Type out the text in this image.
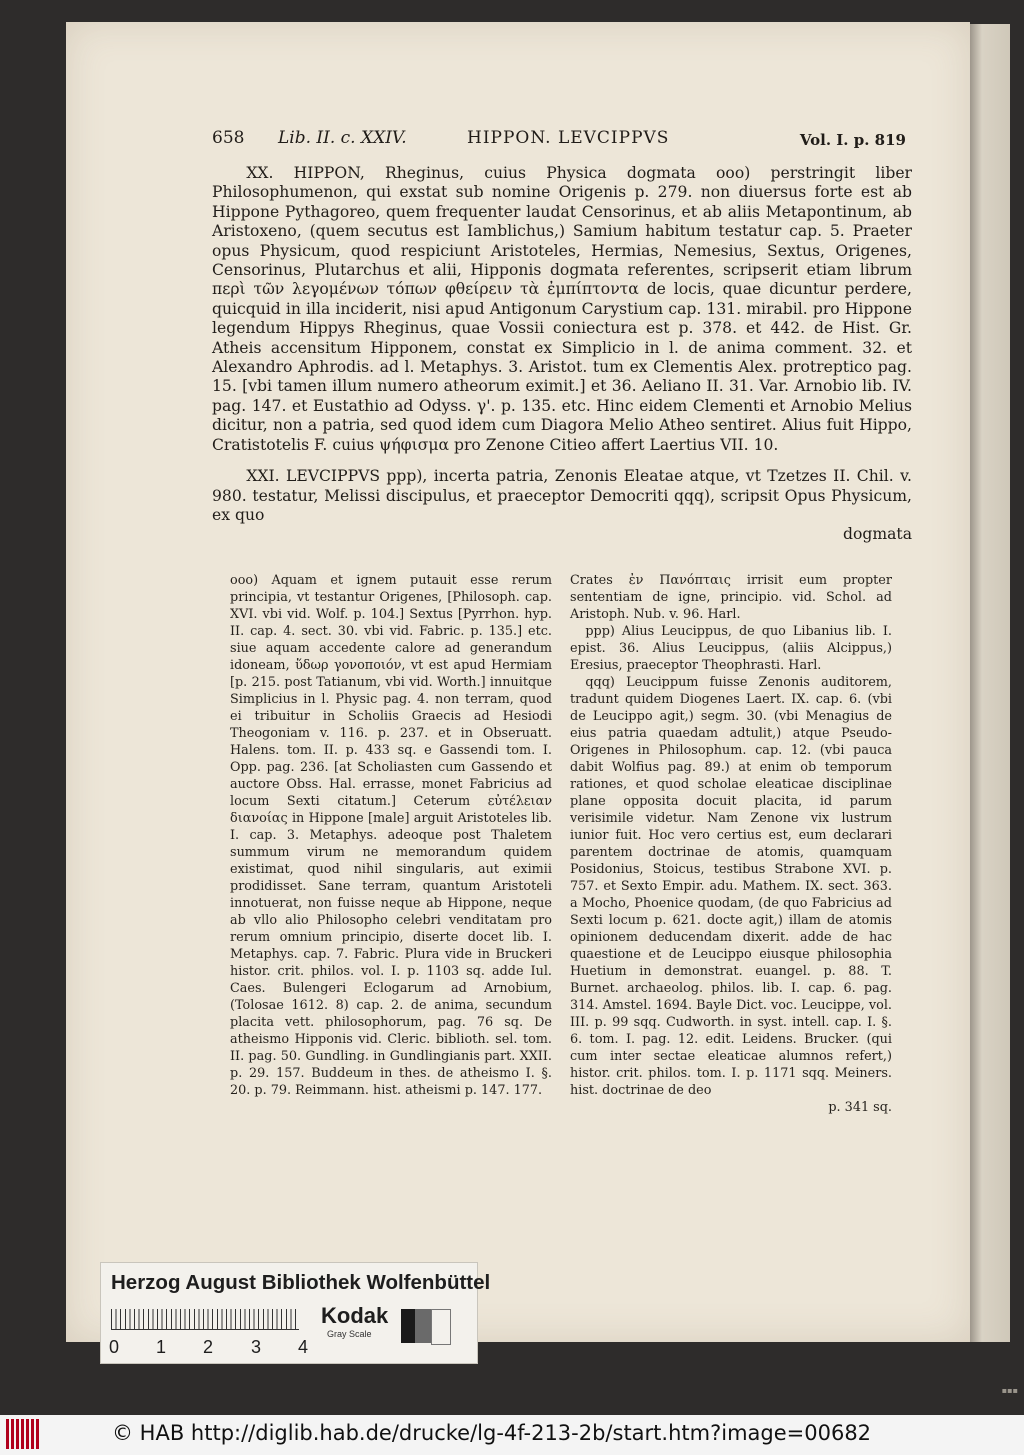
658 Lib. II. c. XXIV.	HIPPON. LEVCIPPVS	Vol. I. p. 819

XX. HIPPON, Rheginus, cuius Physica dogmata ooo) perstringit liber Philosophumenon, qui exstat sub nomine Origenis p. 279. non diuersus forte est ab Hippone Pythagoreo, quem frequenter laudat Censorinus, et ab aliis Metapontinum, ab Aristoxeno, (quem secutus est Iamblichus,) Samium habitum testatur cap. 5. Praeter opus Physicum, quod respiciunt Aristoteles, Hermias, Nemesius, Sextus, Origenes, Censorinus, Plutarchus et alii, Hipponis dogmata referentes, scripserit etiam librum περὶ τῶν λεγομένων τόπων φθείρειν τὰ ἐμπίπτοντα de locis, quae dicuntur perdere, quicquid in illa inciderit, nisi apud Antigonum Carystium cap. 131. mirabil. pro Hippone legendum Hippys Rheginus, quae Vossii coniectura est p. 378. et 442. de Hist. Gr. Atheis accensitum Hipponem, constat ex Simplicio in l. de anima comment. 32. et Alexandro Aphrodis. ad l. Metaphys. 3. Aristot. tum ex Clementis Alex. protreptico pag. 15. [vbi tamen illum numero atheorum eximit.] et 36. Aeliano II. 31. Var. Arnobio lib. IV. pag. 147. et Eustathio ad Odyss. γ'. p. 135. etc. Hinc eidem Clementi et Arnobio Melius dicitur, non a patria, sed quod idem cum Diagora Melio Atheo sentiret. Alius fuit Hippo, Cratistotelis F. cuius ψήφισμα pro Zenone Citieo affert Laertius VII. 10.

XXI. LEVCIPPVS ppp), incerta patria, Zenonis Eleatae atque, vt Tzetzes II. Chil. v. 980. testatur, Melissi discipulus, et praeceptor Democriti qqq), scripsit Opus Physicum, ex quo

dogmata

ooo) Aquam et ignem putauit esse rerum principia, vt testantur Origenes, [Philosoph. cap. XVI. vbi vid. Wolf. p. 104.] Sextus [Pyrrhon. hyp. II. cap. 4. sect. 30. vbi vid. Fabric. p. 135.] etc. siue aquam accedente calore ad generandum idoneam, ὕδωρ γονοποιόν, vt est apud Hermiam [p. 215. post Tatianum, vbi vid. Worth.] innuitque Simplicius in l. Physic pag. 4. non terram, quod ei tribuitur in Scholiis Graecis ad Hesiodi Theogoniam v. 116. p. 237. et in Obseruatt. Halens. tom. II. p. 433 sq. e Gassendi tom. I. Opp. pag. 236. [at Scholiasten cum Gassendo et auctore Obss. Hal. errasse, monet Fabricius ad locum Sexti citatum.] Ceterum εὐτέλειαν διανοίας in Hippone [male] arguit Aristoteles lib. I. cap. 3. Metaphys. adeoque post Thaletem summum virum ne memorandum quidem existimat, quod nihil singularis, aut eximii prodidisset. Sane terram, quantum Aristoteli innotuerat, non fuisse neque ab Hippone, neque ab vllo alio Philosopho celebri venditatam pro rerum omnium principio, diserte docet lib. I. Metaphys. cap. 7. Fabric. Plura vide in Bruckeri histor. crit. philos. vol. I. p. 1103 sq. adde Iul. Caes. Bulengeri Eclogarum ad Arnobium, (Tolosae 1612. 8) cap. 2. de anima, secundum placita vett. philosophorum, pag. 76 sq. De atheismo Hipponis vid. Cleric. biblioth. sel. tom. II. pag. 50. Gundling. in Gundlingianis part. XXII. p. 29. 157. Buddeum in thes. de atheismo I. §. 20. p. 79. Reimmann. hist. atheismi p. 147. 177.

Crates ἐν Πανόπταις irrisit eum propter sententiam de igne, principio. vid. Schol. ad Aristoph. Nub. v. 96. Harl.

ppp) Alius Leucippus, de quo Libanius lib. I. epist. 36. Alius Leucippus, (aliis Alcippus,) Eresius, praeceptor Theophrasti. Harl.

qqq) Leucippum fuisse Zenonis auditorem, tradunt quidem Diogenes Laert. IX. cap. 6. (vbi de Leucippo agit,) segm. 30. (vbi Menagius de eius patria quaedam adtulit,) atque Pseudo-Origenes in Philosophum. cap. 12. (vbi pauca dabit Wolfius pag. 89.) at enim ob temporum rationes, et quod scholae eleaticae disciplinae plane opposita docuit placita, id parum verisimile videtur. Nam Zenone vix lustrum iunior fuit. Hoc vero certius est, eum declarari parentem doctrinae de atomis, quamquam Posidonius, Stoicus, testibus Strabone XVI. p. 757. et Sexto Empir. adu. Mathem. IX. sect. 363. a Mocho, Phoenice quodam, (de quo Fabricius ad Sexti locum p. 621. docte agit,) illam de atomis opinionem deducendam dixerit. adde de hac quaestione et de Leucippo eiusque philosophia Huetium in demonstrat. euangel. p. 88. T. Burnet. archaeolog. philos. lib. I. cap. 6. pag. 314. Amstel. 1694. Bayle Dict. voc. Leucippe, vol. III. p. 99 sqq. Cudworth. in syst. intell. cap. I. §. 6. tom. I. pag. 12. edit. Leidens. Brucker. (qui cum inter sectae eleaticae alumnos refert,) histor. crit. philos. tom. I. p. 1171 sqq. Meiners. hist. doctrinae de deo

p. 341 sq.

Herzog August Bibliothek Wolfenbüttel
0 1 2 3 4
Kodak
Gray Scale
▪▪▪
© HAB http://diglib.hab.de/drucke/lg-4f-213-2b/start.htm?image=00682
